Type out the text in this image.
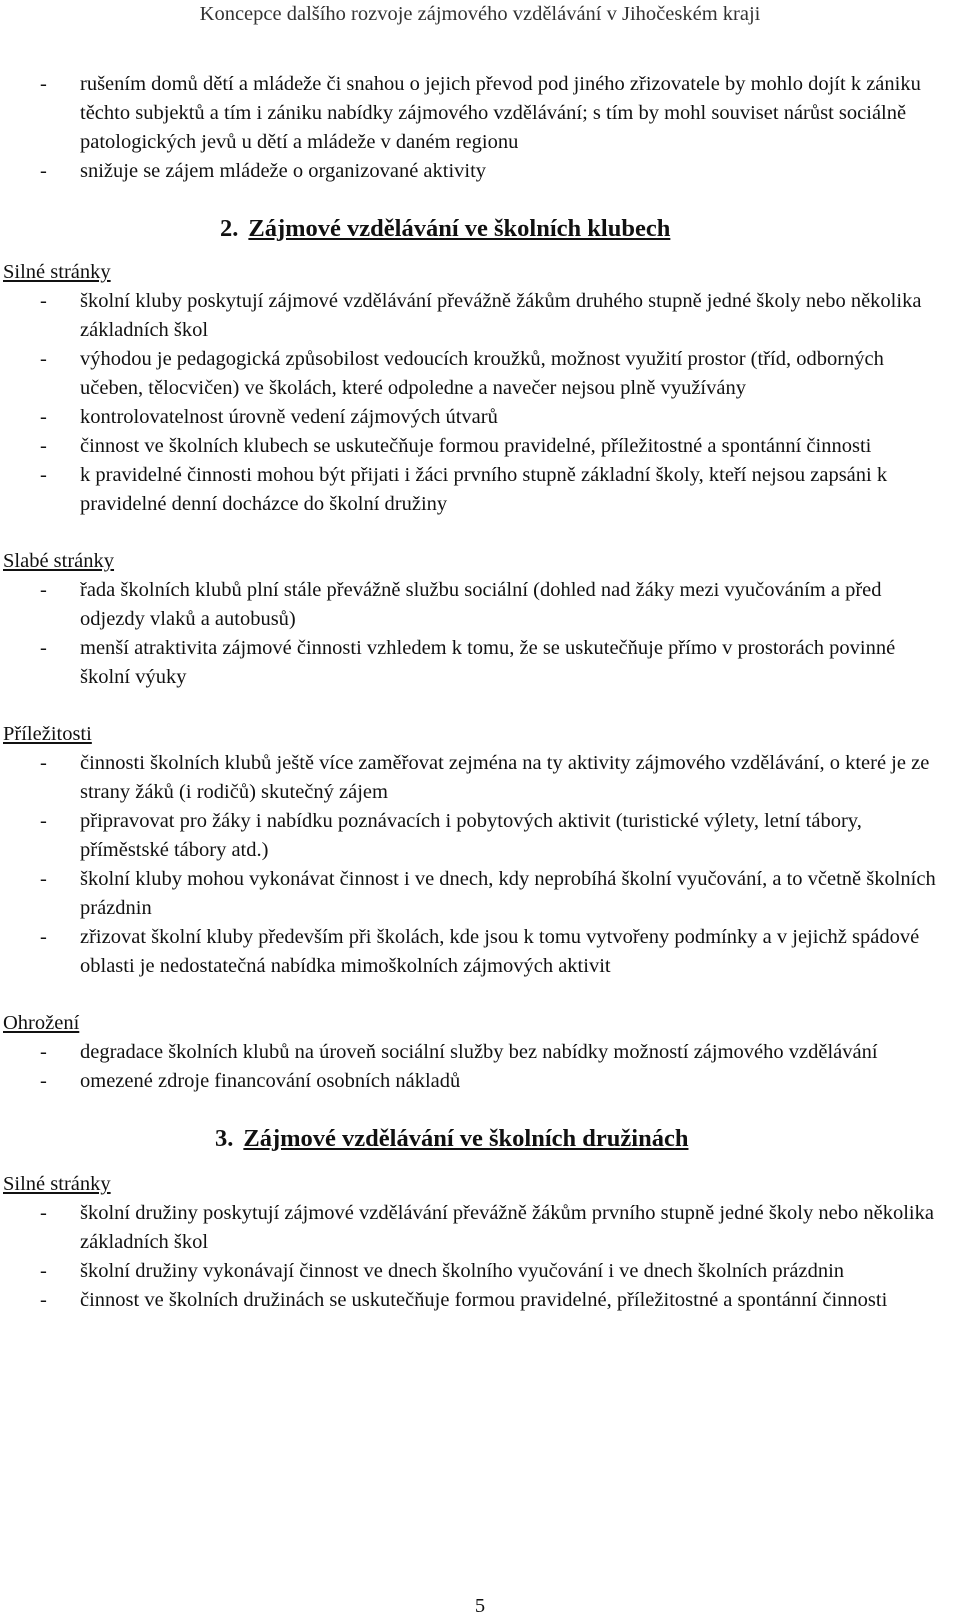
Koncepce dalšího rozvoje zájmového vzdělávání v Jihočeském kraji
- rušením domů dětí a mládeže či snahou o jejich převod pod jiného zřizovatele by mohlo dojít k zániku těchto subjektů a tím i zániku nabídky zájmového vzdělávání; s tím by mohl souviset nárůst sociálně patologických jevů u dětí a mládeže v daném regionu
- snižuje se zájem mládeže o organizované aktivity
2. Zájmové vzdělávání ve školních klubech
Silné stránky
- školní kluby poskytují zájmové vzdělávání převážně žákům druhého stupně jedné školy nebo několika základních škol
- výhodou je pedagogická způsobilost vedoucích kroužků, možnost využití prostor (tříd, odborných učeben, tělocvičen) ve školách, které odpoledne a navečer nejsou plně využívány
- kontrolovatelnost úrovně vedení zájmových útvarů
- činnost ve školních klubech se uskutečňuje formou pravidelné, příležitostné a spontánní činnosti
- k pravidelné činnosti mohou být přijati i žáci prvního stupně základní školy, kteří nejsou zapsáni k pravidelné denní docházce do školní družiny
Slabé stránky
- řada školních klubů plní stále převážně službu sociální (dohled nad žáky mezi vyučováním a před odjezdy vlaků a autobusů)
- menší atraktivita zájmové činnosti vzhledem k tomu, že se uskutečňuje přímo v prostorách povinné školní výuky
Příležitosti
- činnosti školních klubů ještě více zaměřovat zejména na ty aktivity zájmového vzdělávání, o které je ze strany žáků (i rodičů) skutečný zájem
- připravovat pro žáky i nabídku poznávacích i pobytových aktivit (turistické výlety, letní tábory, příměstské tábory atd.)
- školní kluby mohou vykonávat činnost i ve dnech, kdy neprobíhá školní vyučování, a to včetně školních prázdnin
- zřizovat školní kluby především při školách, kde jsou k tomu vytvořeny podmínky a v jejichž spádové oblasti je nedostatečná nabídka mimoškolních zájmových aktivit
Ohrožení
- degradace školních klubů na úroveň sociální služby bez nabídky možností zájmového vzdělávání
- omezené zdroje financování osobních nákladů
3. Zájmové vzdělávání ve školních družinách
Silné stránky
- školní družiny poskytují zájmové vzdělávání převážně žákům prvního stupně jedné školy nebo několika základních škol
- školní družiny vykonávají činnost ve dnech školního vyučování i ve dnech školních prázdnin
- činnost ve školních družinách se uskutečňuje formou pravidelné, příležitostné a spontánní činnosti
5
